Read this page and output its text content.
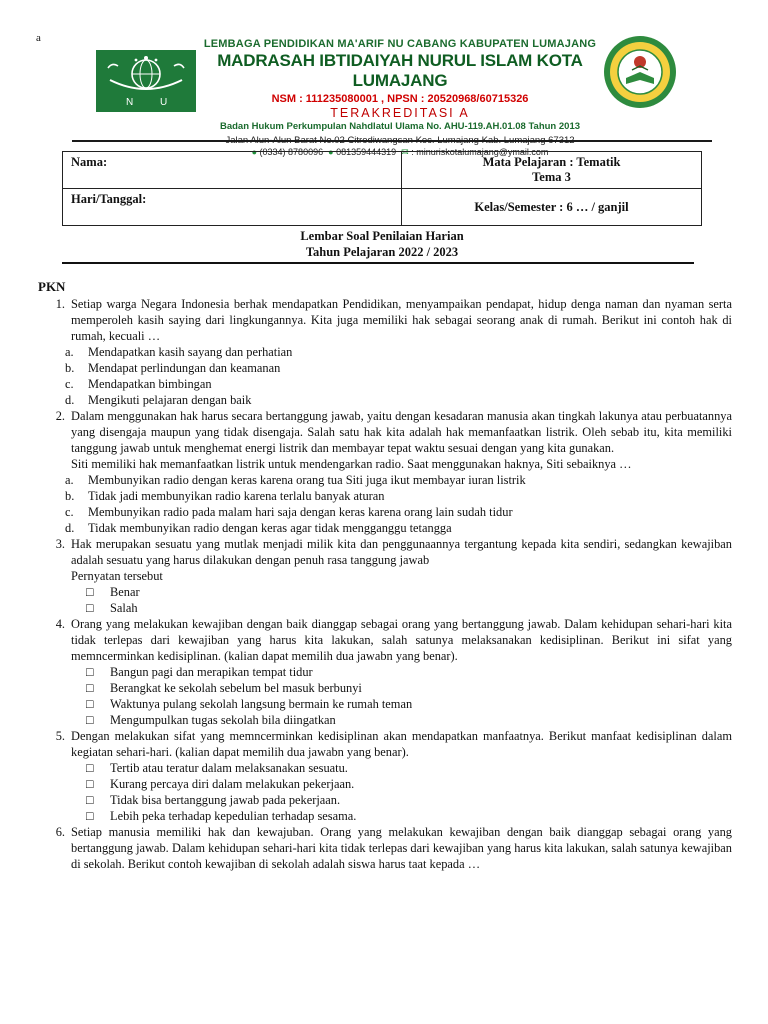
a
N	U
LEMBAGA PENDIDIKAN MA'ARIF NU CABANG KABUPATEN LUMAJANG
MADRASAH IBTIDAIYAH NURUL ISLAM KOTA LUMAJANG
NSM : 111235080001 , NPSN : 20520968/60715326
TERAKREDITASI A
Badan Hukum Perkumpulan Nahdlatul Ulama No. AHU-119.AH.01.08 Tahun 2013
● (0334) 8780096 ● 081359444319 ✉ : minuriskotalumajang@ymail.com
Nama:	Mata Pelajaran : Tematik
Tema 3

Hari/Tanggal:	Kelas/Semester : 6 … / ganjil
Lembar Soal Penilaian Harian
Tahun Pelajaran 2022 / 2023
PKN
1. Setiap warga Negara Indonesia berhak mendapatkan Pendidikan, menyampaikan pendapat, hidup denga naman dan nyaman serta memperoleh kasih saying dari lingkungannya. Kita juga memiliki hak sebagai seorang anak di rumah. Berikut ini contoh hak di rumah, kecuali …
a.	Mendapatkan kasih sayang dan perhatian
b.	Mendapat perlindungan dan keamanan
c.	Mendapatkan bimbingan
d.	Mengikuti pelajaran dengan baik
2. Dalam menggunakan hak harus secara bertanggung jawab, yaitu dengan kesadaran manusia akan tingkah lakunya atau perbuatannya yang disengaja maupun yang tidak disengaja. Salah satu hak kita adalah hak memanfaatkan listrik. Oleh sebab itu, kita memiliki tanggung jawab untuk menghemat energi listrik dan membayar tepat waktu sesuai dengan yang kita gunakan.
Siti memiliki hak memanfaatkan listrik untuk mendengarkan radio. Saat menggunakan haknya, Siti sebaiknya …
a.	Membunyikan radio dengan keras karena orang tua Siti juga ikut membayar iuran listrik
b.	Tidak jadi membunyikan radio karena terlalu banyak aturan
c.	Membunyikan radio pada malam hari saja dengan keras karena orang lain sudah tidur
d.	Tidak membunyikan radio dengan keras agar tidak mengganggu tetangga
3. Hak merupakan sesuatu yang mutlak menjadi milik kita dan penggunaannya tergantung kepada kita sendiri, sedangkan kewajiban adalah sesuatu yang harus dilakukan dengan penuh rasa tanggung jawab
Pernyatan tersebut
□	Benar
□	Salah
4. Orang yang melakukan kewajiban dengan baik dianggap sebagai orang yang bertanggung jawab. Dalam kehidupan sehari-hari kita tidak terlepas dari kewajiban yang harus kita lakukan, salah satunya melaksanakan kedisiplinan. Berikut ini sifat yang memncerminkan kedisiplinan. (kalian dapat memilih dua jawabn yang benar).
□	Bangun pagi dan merapikan tempat tidur
□	Berangkat ke sekolah sebelum bel masuk berbunyi
□	Waktunya pulang sekolah langsung bermain ke rumah teman
□	Mengumpulkan tugas sekolah bila diingatkan
5. Dengan melakukan sifat yang memncerminkan kedisiplinan akan mendapatkan manfaatnya. Berikut manfaat kedisiplinan dalam kegiatan sehari-hari. (kalian dapat memilih dua jawabn yang benar).
□	Tertib atau teratur dalam melaksanakan sesuatu.
□	Kurang percaya diri dalam melakukan pekerjaan.
□	Tidak bisa bertanggung jawab pada pekerjaan.
□	Lebih peka terhadap kepedulian terhadap sesama.
6. Setiap manusia memiliki hak dan kewajuban. Orang yang melakukan kewajiban dengan baik dianggap sebagai orang yang bertanggung jawab. Dalam kehidupan sehari-hari kita tidak terlepas dari kewajiban yang harus kita lakukan, salah satunya kewajiban di sekolah. Berikut contoh kewajiban di sekolah adalah siswa harus taat kepada …
